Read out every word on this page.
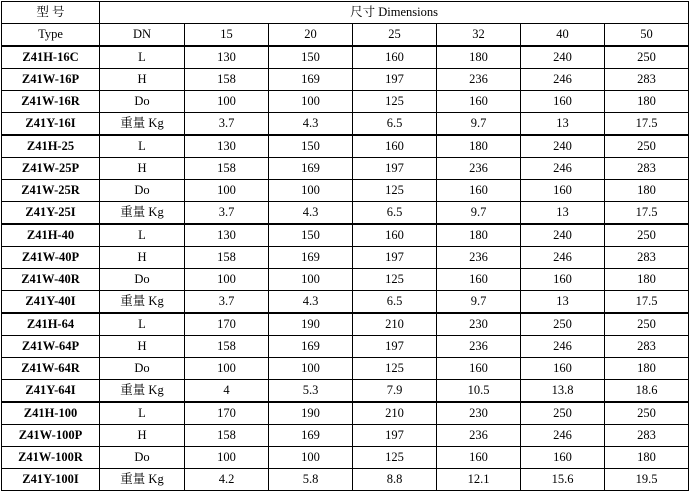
型 号	尺寸 Dimensions						
Type	DN	15	20	25	32	40	50
Z41H-16C	L	130	150	160	180	240	250
Z41W-16P	H	158	169	197	236	246	283
Z41W-16R	Do	100	100	125	160	160	180
Z41Y-16I	重量 Kg	3.7	4.3	6.5	9.7	13	17.5
Z41H-25	L	130	150	160	180	240	250
Z41W-25P	H	158	169	197	236	246	283
Z41W-25R	Do	100	100	125	160	160	180
Z41Y-25I	重量 Kg	3.7	4.3	6.5	9.7	13	17.5
Z41H-40	L	130	150	160	180	240	250
Z41W-40P	H	158	169	197	236	246	283
Z41W-40R	Do	100	100	125	160	160	180
Z41Y-40I	重量 Kg	3.7	4.3	6.5	9.7	13	17.5
Z41H-64	L	170	190	210	230	250	250
Z41W-64P	H	158	169	197	236	246	283
Z41W-64R	Do	100	100	125	160	160	180
Z41Y-64I	重量 Kg	4	5.3	7.9	10.5	13.8	18.6
Z41H-100	L	170	190	210	230	250	250
Z41W-100P	H	158	169	197	236	246	283
Z41W-100R	Do	100	100	125	160	160	180
Z41Y-100I	重量 Kg	4.2	5.8	8.8	12.1	15.6	19.5
